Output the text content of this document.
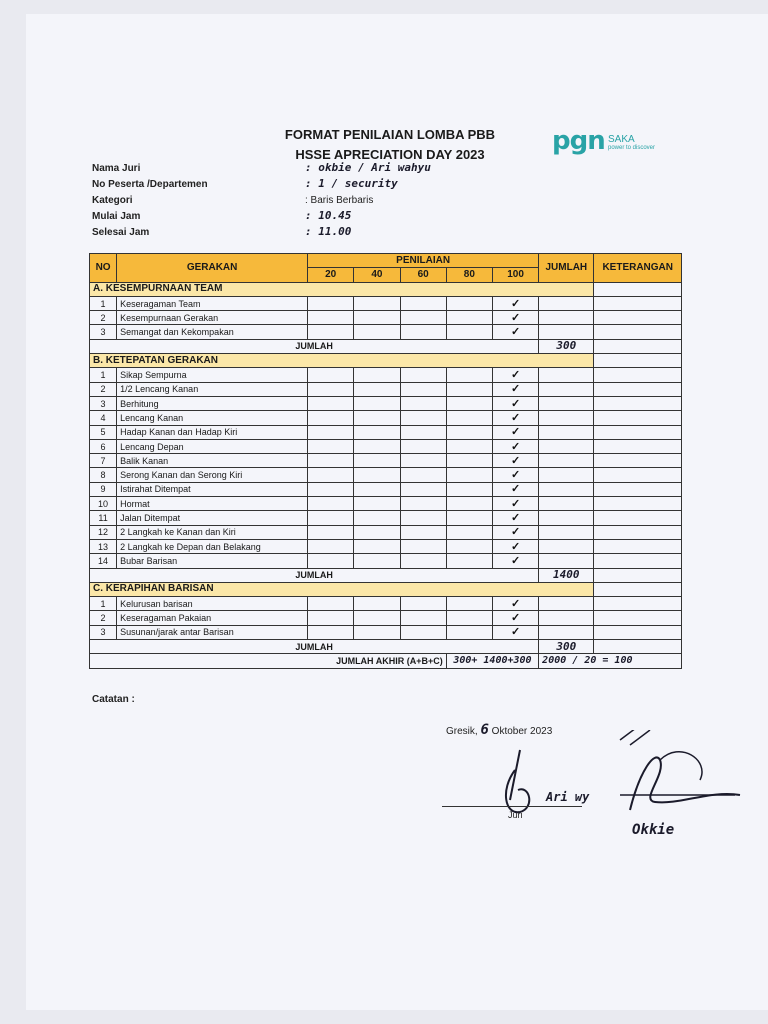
FORMAT PENILAIAN LOMBA PBB
HSSE APRECIATION DAY 2023	pgn SAKA
power to discover
Nama Juri	: okbie / Ari wahyu
No Peserta /Departemen	: 1 / security
Kategori	: Baris Berbaris
Mulai Jam	: 10.45
Selesai Jam	: 11.00
NO	GERAKAN	PENILAIAN					JUMLAH	KETERANGAN
		20	40	60	80	100		
A. KESEMPURNAAN TEAM								
1	Keseragaman Team					✓		
2	Kesempurnaan Gerakan					✓		
3	Semangat dan Kekompakan					✓		
JUMLAH							300	
B. KETEPATAN GERAKAN								
1	Sikap Sempurna					✓		
2	1/2 Lencang Kanan					✓		
3	Berhitung					✓		
4	Lencang Kanan					✓		
5	Hadap Kanan dan Hadap Kiri					✓		
6	Lencang Depan					✓		
7	Balik Kanan					✓		
8	Serong Kanan dan Serong Kiri					✓		
9	Istirahat Ditempat					✓		
10	Hormat					✓		
11	Jalan Ditempat					✓		
12	2 Langkah ke Kanan dan Kiri					✓		
13	2 Langkah ke Depan dan Belakang					✓		
14	Bubar Barisan					✓		
JUMLAH							1400	
C. KERAPIHAN BARISAN								
1	Kelurusan barisan					✓		
2	Keseragaman Pakaian					✓		
3	Susunan/jarak antar Barisan					✓		
JUMLAH							300	
JUMLAH AKHIR (A+B+C)					300+ 1400+300		2000 / 20 = 100	
Catatan :
Gresik, 6 Oktober 2023
Ari wy
Okkie
Juri
